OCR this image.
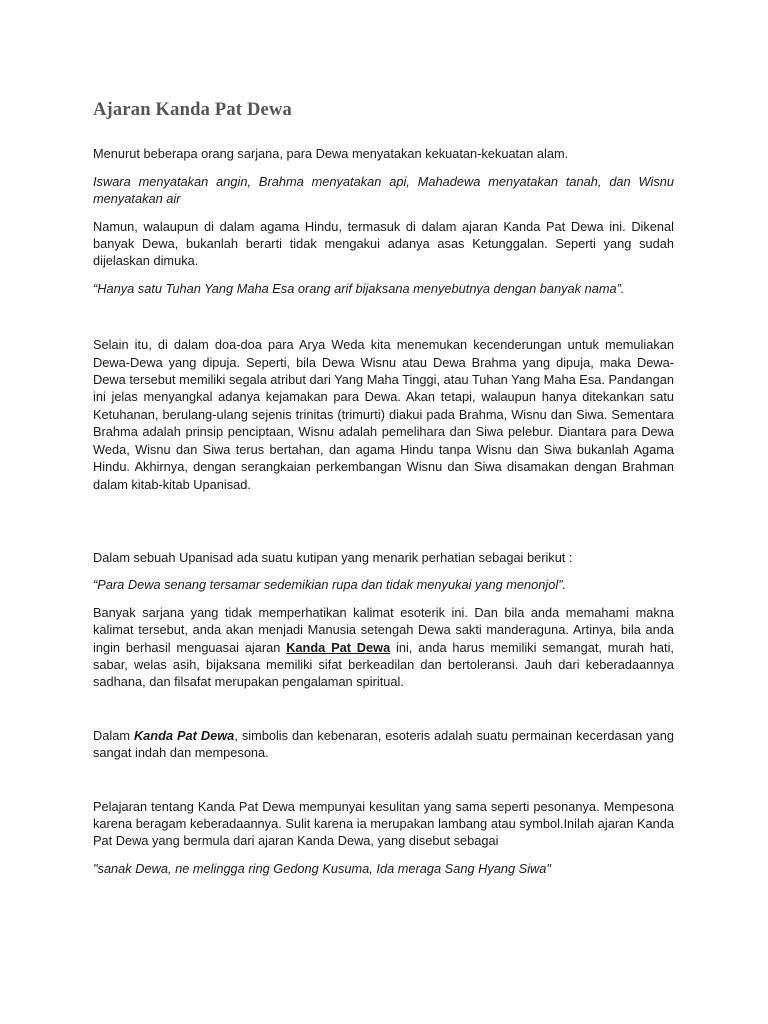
Ajaran Kanda Pat Dewa

Menurut beberapa orang sarjana, para Dewa menyatakan kekuatan-kekuatan alam.

Iswara menyatakan angin, Brahma menyatakan api, Mahadewa menyatakan tanah, dan Wisnu menyatakan air

Namun, walaupun di dalam agama Hindu, termasuk di dalam ajaran Kanda Pat Dewa ini. Dikenal banyak Dewa, bukanlah berarti tidak mengakui adanya asas Ketunggalan. Seperti yang sudah dijelaskan dimuka.

“Hanya satu Tuhan Yang Maha Esa orang arif bijaksana menyebutnya dengan banyak nama”.

Selain itu, di dalam doa-doa para Arya Weda kita menemukan kecenderungan untuk memuliakan Dewa-Dewa yang dipuja. Seperti, bila Dewa Wisnu atau Dewa Brahma yang dipuja, maka Dewa-Dewa tersebut memiliki segala atribut dari Yang Maha Tinggi, atau Tuhan Yang Maha Esa. Pandangan ini jelas menyangkal adanya kejamakan para Dewa. Akan tetapi, walaupun hanya ditekankan satu Ketuhanan, berulang-ulang sejenis trinitas (trimurti) diakui pada Brahma, Wisnu dan Siwa. Sementara Brahma adalah prinsip penciptaan, Wisnu adalah pemelihara dan Siwa pelebur. Diantara para Dewa Weda, Wisnu dan Siwa terus bertahan, dan agama Hindu tanpa Wisnu dan Siwa bukanlah Agama Hindu. Akhirnya, dengan serangkaian perkembangan Wisnu dan Siwa disamakan dengan Brahman dalam kitab-kitab Upanisad.

Dalam sebuah Upanisad ada suatu kutipan yang menarik perhatian sebagai berikut :

“Para Dewa senang tersamar sedemikian rupa dan tidak menyukai yang menonjol”.

Banyak sarjana yang tidak memperhatikan kalimat esoterik ini. Dan bila anda memahami makna kalimat tersebut, anda akan menjadi Manusia setengah Dewa sakti manderaguna. Artinya, bila anda ingin berhasil menguasai ajaran Kanda Pat Dewa ini, anda harus memiliki semangat, murah hati, sabar, welas asih, bijaksana memiliki sifat berkeadilan dan bertoleransi. Jauh dari keberadaannya sadhana, dan filsafat merupakan pengalaman spiritual.

Dalam Kanda Pat Dewa, simbolis dan kebenaran, esoteris adalah suatu permainan kecerdasan yang sangat indah dan mempesona.

Pelajaran tentang Kanda Pat Dewa mempunyai kesulitan yang sama seperti pesonanya. Mempesona karena beragam keberadaannya. Sulit karena ia merupakan lambang atau symbol.Inilah ajaran Kanda Pat Dewa yang bermula dari ajaran Kanda Dewa, yang disebut sebagai

"sanak Dewa, ne melingga ring Gedong Kusuma, Ida meraga Sang Hyang Siwa"
